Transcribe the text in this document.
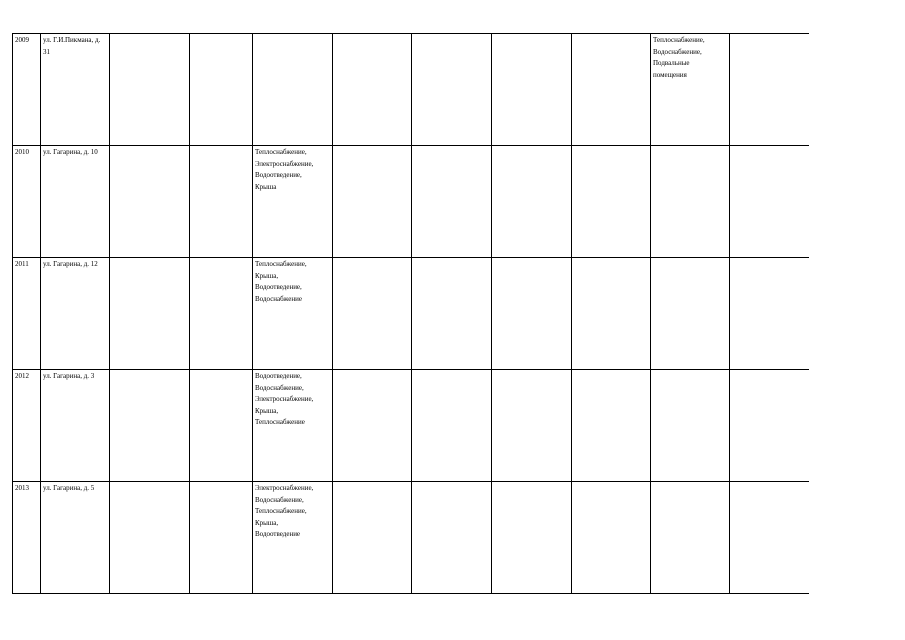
2009	ул. Г.И.Пикмана, д. 31								Теплоснабжение,
Водоснабжение,
Подвальные
помещения	

2010	ул. Гагарина, д. 10			Теплоснабжение,
Электроснабжение,
Водоотведение,
Крыша						

2011	ул. Гагарина, д. 12			Теплоснабжение,
Крыша,
Водоотведение,
Водоснабжение						

2012	ул. Гагарина, д. 3			Водоотведение,
Водоснабжение,
Электроснабжение,
Крыша,
Теплоснабжение						

2013	ул. Гагарина, д. 5			Электроснабжение,
Водоснабжение,
Теплоснабжение,
Крыша,
Водоотведение						
